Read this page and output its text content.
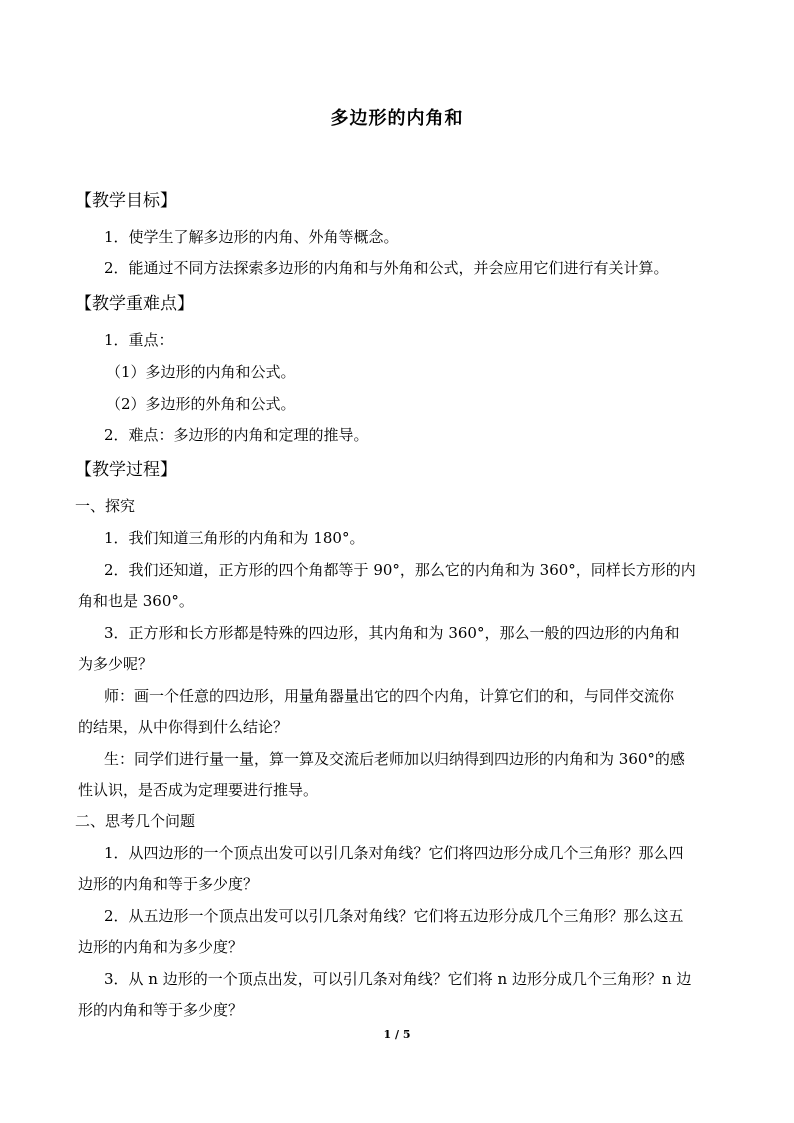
多边形的内角和
【教学目标】
1．使学生了解多边形的内角、外角等概念。
2．能通过不同方法探索多边形的内角和与外角和公式，并会应用它们进行有关计算。
【教学重难点】
1．重点：
（1）多边形的内角和公式。
（2）多边形的外角和公式。
2．难点：多边形的内角和定理的推导。
【教学过程】
一、探究
1．我们知道三角形的内角和为 180°。
2．我们还知道，正方形的四个角都等于 90°，那么它的内角和为 360°，同样长方形的内
角和也是 360°。
3．正方形和长方形都是特殊的四边形，其内角和为 360°，那么一般的四边形的内角和
为多少呢？
师：画一个任意的四边形，用量角器量出它的四个内角，计算它们的和，与同伴交流你
的结果，从中你得到什么结论？
生：同学们进行量一量，算一算及交流后老师加以归纳得到四边形的内角和为 360°的感
性认识，是否成为定理要进行推导。
二、思考几个问题
1．从四边形的一个顶点出发可以引几条对角线？它们将四边形分成几个三角形？那么四
边形的内角和等于多少度？
2．从五边形一个顶点出发可以引几条对角线？它们将五边形分成几个三角形？那么这五
边形的内角和为多少度？
3．从 n 边形的一个顶点出发，可以引几条对角线？它们将 n 边形分成几个三角形？n 边
形的内角和等于多少度？
1 / 5
